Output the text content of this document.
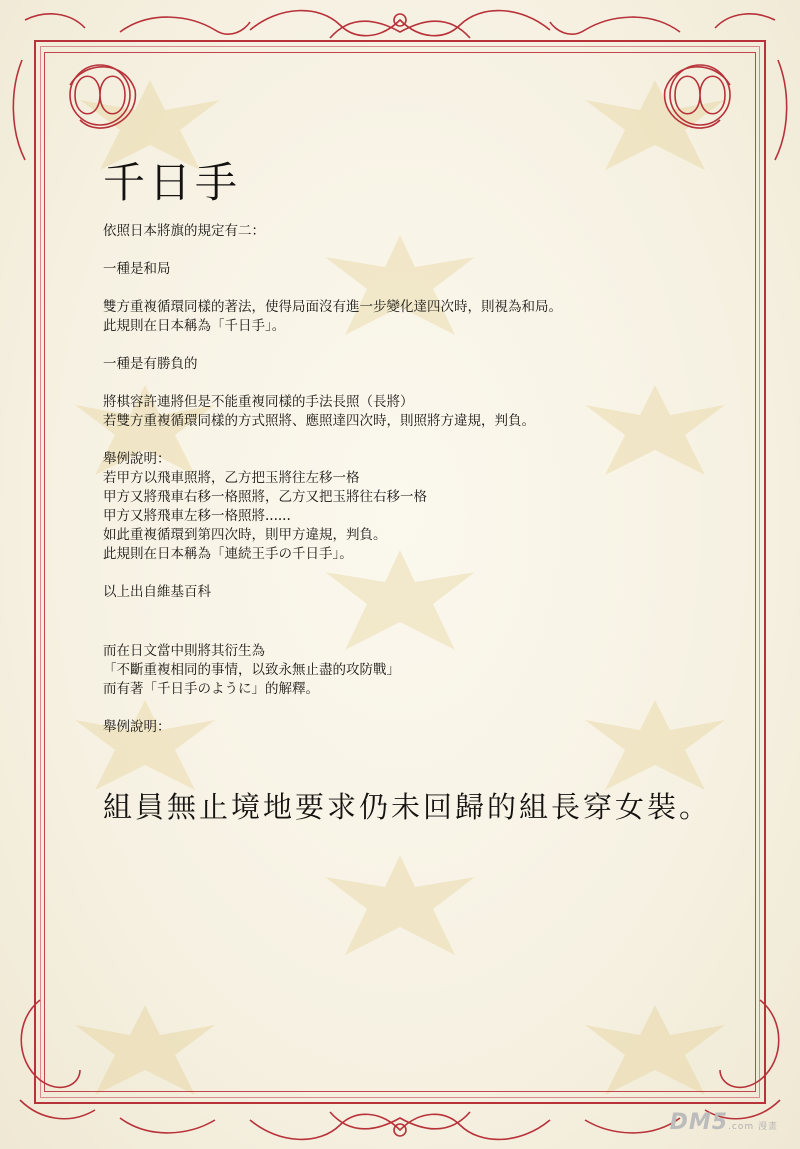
千日手

依照日本將旗的規定有二：

一種是和局

雙方重複循環同樣的著法，使得局面沒有進一步變化達四次時，則視為和局。

此規則在日本稱為「千日手」。

一種是有勝負的

將棋容許連將但是不能重複同樣的手法長照（長將）

若雙方重複循環同樣的方式照將、應照達四次時，則照將方違規，判負。

舉例說明：

若甲方以飛車照將，乙方把玉將往左移一格

甲方又將飛車右移一格照將，乙方又把玉將往右移一格

甲方又將飛車左移一格照將......

如此重複循環到第四次時，則甲方違規，判負。

此規則在日本稱為「連続王手の千日手」。

以上出自維基百科

而在日文當中則將其衍生為

「不斷重複相同的事情，以致永無止盡的攻防戰」

而有著「千日手のように」的解釋。

舉例說明：

組員無止境地要求仍未回歸的組長穿女裝。

DM5.com 漫畫
